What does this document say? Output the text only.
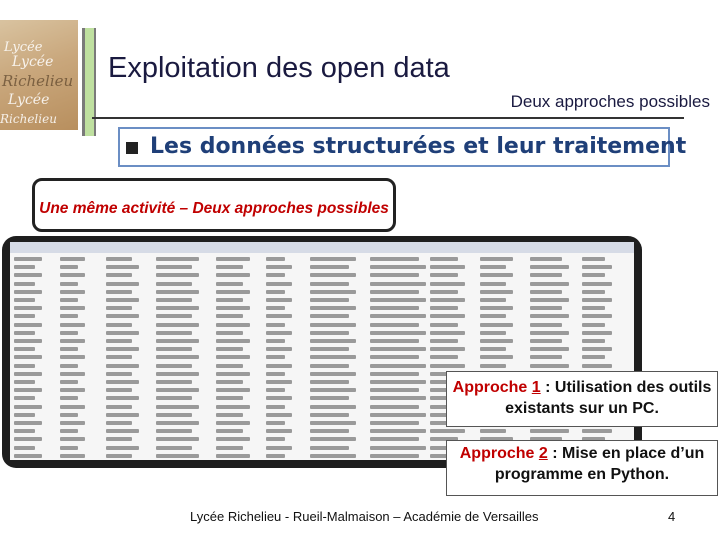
Lycée
Lycée
Richelieu
Lycée
Richelieu
Exploitation des open data
Deux approches possibles
Les données structurées et leur traitement
Une même activité – Deux approches possibles
Approche 1 : Utilisation des outils existants sur un PC.
Approche 2 : Mise en place d’un programme en Python.
Lycée Richelieu - Rueil-Malmaison – Académie de Versailles	4
